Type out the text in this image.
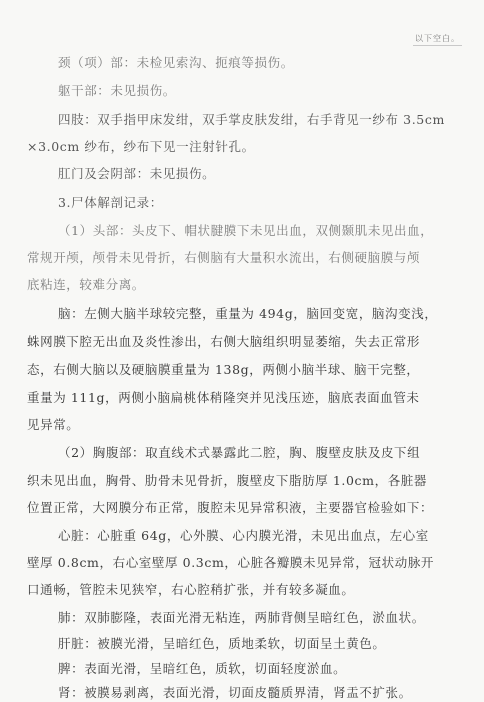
以下空白。
颈（项）部：未检见索沟、扼痕等损伤。
躯干部：未见损伤。
四肢：双手指甲床发绀，双手掌皮肤发绀，右手背见一纱布 3.5cm
×3.0cm 纱布，纱布下见一注射针孔。
肛门及会阴部：未见损伤。
3.尸体解剖记录：
（1）头部：头皮下、帽状腱膜下未见出血，双侧颞肌未见出血，
常规开颅，颅骨未见骨折，右侧脑有大量积水流出，右侧硬脑膜与颅
底粘连，较难分离。
脑：左侧大脑半球较完整，重量为 494g，脑回变宽，脑沟变浅，
蛛网膜下腔无出血及炎性渗出，右侧大脑组织明显萎缩，失去正常形
态，右侧大脑以及硬脑膜重量为 138g，两侧小脑半球、脑干完整，
重量为 111g，两侧小脑扁桃体稍隆突并见浅压迹，脑底表面血管未
见异常。
（2）胸腹部：取直线术式暴露此二腔，胸、腹壁皮肤及皮下组
织未见出血，胸骨、肋骨未见骨折，腹壁皮下脂肪厚 1.0cm，各脏器
位置正常，大网膜分布正常，腹腔未见异常积液，主要器官检验如下：
心脏：心脏重 64g，心外膜、心内膜光滑，未见出血点，左心室
壁厚 0.8cm，右心室壁厚 0.3cm，心脏各瓣膜未见异常，冠状动脉开
口通畅，管腔未见狭窄，右心腔稍扩张，并有较多凝血。
肺：双肺膨隆，表面光滑无粘连，两肺背侧呈暗红色，淤血状。
肝脏：被膜光滑，呈暗红色，质地柔软，切面呈土黄色。
脾：表面光滑，呈暗红色，质软，切面轻度淤血。
肾：被膜易剥离，表面光滑，切面皮髓质界清，肾盂不扩张。
